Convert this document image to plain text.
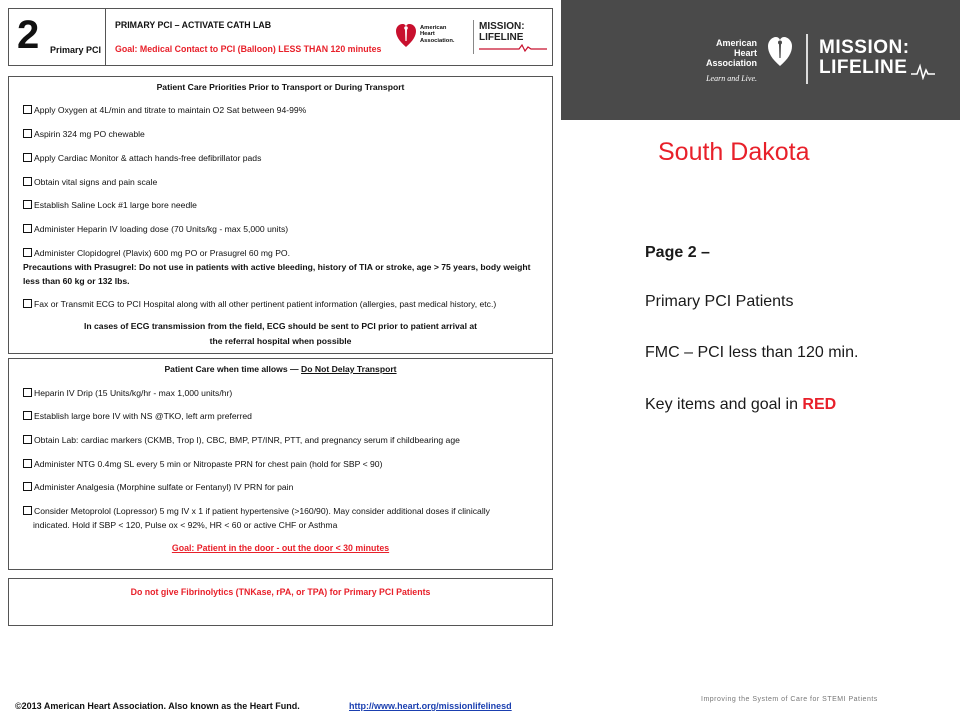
2 Primary PCI
PRIMARY PCI – ACTIVATE CATH LAB
Goal: Medical Contact to PCI (Balloon) LESS THAN 120 minutes
American
Heart
Association.
MISSION:
LIFELINE
Patient Care Priorities Prior to Transport or During Transport
Apply Oxygen at 4L/min and titrate to maintain O2 Sat between 94-99%
Aspirin 324 mg PO chewable
Apply Cardiac Monitor & attach hands-free defibrillator pads
Obtain vital signs and pain scale
Establish Saline Lock #1 large bore needle
Administer Heparin IV loading dose (70 Units/kg - max 5,000 units)
Administer Clopidogrel (Plavix) 600 mg PO or Prasugrel 60 mg PO.
Precautions with Prasugrel: Do not use in patients with active bleeding, history of TIA or stroke, age > 75 years, body weight
less than 60 kg or 132 lbs.
Fax or Transmit ECG to PCI Hospital along with all other pertinent patient information (allergies, past medical history, etc.)
In cases of ECG transmission from the field, ECG should be sent to PCI prior to patient arrival at
the referral hospital when possible
Patient Care when time allows — Do Not Delay Transport
Heparin IV Drip (15 Units/kg/hr - max 1,000 units/hr)
Establish large bore IV with NS @TKO, left arm preferred
Obtain Lab: cardiac markers (CKMB, Trop I), CBC, BMP, PT/INR, PTT, and pregnancy serum if childbearing age
Administer NTG 0.4mg SL every 5 min or Nitropaste PRN for chest pain (hold for SBP < 90)
Administer Analgesia (Morphine sulfate or Fentanyl) IV PRN for pain
Consider Metoprolol (Lopressor) 5 mg IV x 1 if patient hypertensive (>160/90). May consider additional doses if clinically
indicated. Hold if SBP < 120, Pulse ox < 92%, HR < 60 or active CHF or Asthma
Goal: Patient in the door - out the door < 30 minutes
Do not give Fibrinolytics (TNKase, rPA, or TPA) for Primary PCI Patients
©2013 American Heart Association. Also known as the Heart Fund.	http://www.heart.org/missionlifelinesd
American Heart
Association
Learn and Live.
MISSION:
LIFELINE
South Dakota
Page 2 –
Primary PCI Patients
FMC – PCI less than 120 min.
Key items and goal in RED
Improving the System of Care for STEMI Patients
